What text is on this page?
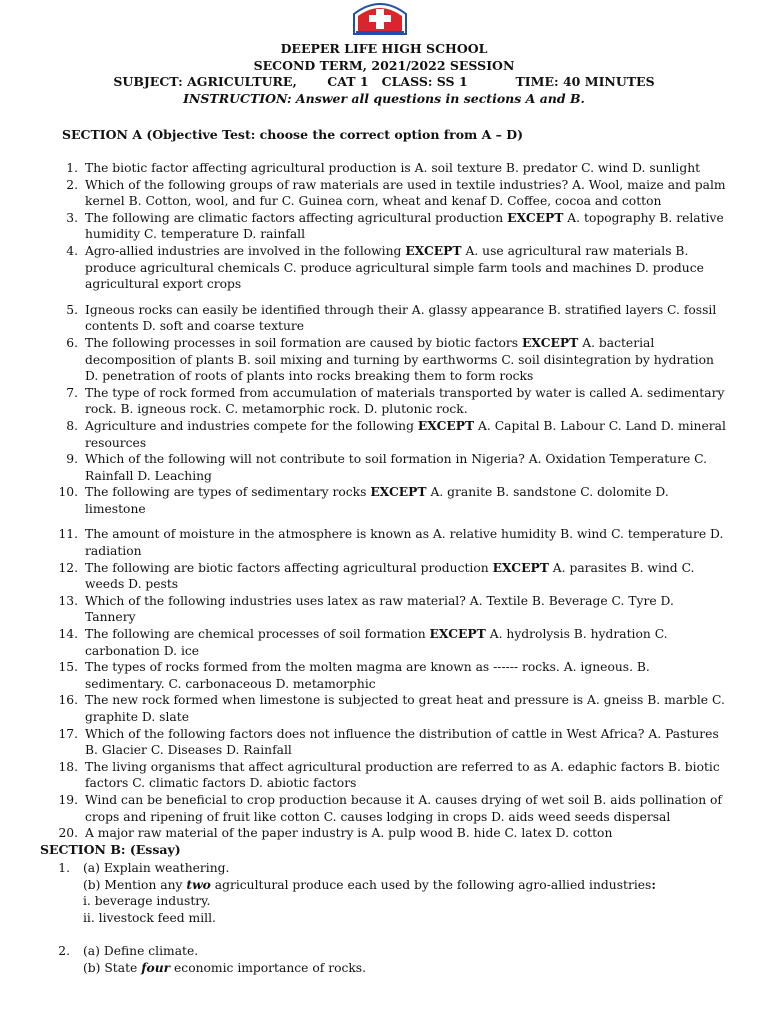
DEEPER LIFE HIGH SCHOOL
SECOND TERM, 2021/2022 SESSION
SUBJECT: AGRICULTURE,       CAT 1   CLASS: SS 1           TIME: 40 MINUTES
INSTRUCTION: Answer all questions in sections A and B.
SECTION A (Objective Test: choose the correct option from A – D)
1. The biotic factor affecting agricultural production is A. soil texture B. predator C. wind D. sunlight
2. Which of the following groups of raw materials are used in textile industries? A. Wool, maize and palm kernel B. Cotton, wool, and fur C. Guinea corn, wheat and kenaf D. Coffee, cocoa and cotton
3. The following are climatic factors affecting agricultural production EXCEPT A. topography B. relative humidity C. temperature D. rainfall
4. Agro-allied industries are involved in the following EXCEPT A. use agricultural raw materials B. produce agricultural chemicals C. produce agricultural simple farm tools and machines D. produce agricultural export crops
5. Igneous rocks can easily be identified through their A. glassy appearance B. stratified layers C. fossil contents D. soft and coarse texture
6. The following processes in soil formation are caused by biotic factors EXCEPT A. bacterial decomposition of plants B. soil mixing and turning by earthworms C. soil disintegration by hydration D. penetration of roots of plants into rocks breaking them to form rocks
7. The type of rock formed from accumulation of materials transported by water is called A. sedimentary rock. B. igneous rock. C. metamorphic rock. D. plutonic rock.
8. Agriculture and industries compete for the following EXCEPT A. Capital B. Labour C. Land D. mineral resources
9. Which of the following will not contribute to soil formation in Nigeria? A. Oxidation Temperature C. Rainfall D. Leaching
10. The following are types of sedimentary rocks EXCEPT A. granite B. sandstone C. dolomite D. limestone
11. The amount of moisture in the atmosphere is known as A. relative humidity B. wind C. temperature D. radiation
12. The following are biotic factors affecting agricultural production EXCEPT A. parasites B. wind C. weeds D. pests
13. Which of the following industries uses latex as raw material? A. Textile B. Beverage C. Tyre D. Tannery
14. The following are chemical processes of soil formation EXCEPT A. hydrolysis B. hydration C. carbonation D. ice
15. The types of rocks formed from the molten magma are known as ------ rocks. A. igneous. B. sedimentary. C. carbonaceous D. metamorphic
16. The new rock formed when limestone is subjected to great heat and pressure is A. gneiss B. marble C. graphite D. slate
17. Which of the following factors does not influence the distribution of cattle in West Africa? A. Pastures B. Glacier C. Diseases D. Rainfall
18. The living organisms that affect agricultural production are referred to as A. edaphic factors B. biotic factors C. climatic factors D. abiotic factors
19. Wind can be beneficial to crop production because it A. causes drying of wet soil B. aids pollination of crops and ripening of fruit like cotton C. causes lodging in crops D. aids weed seeds dispersal
20. A major raw material of the paper industry is A. pulp wood B. hide C. latex D. cotton
SECTION B: (Essay)
1. (a) Explain weathering.
(b) Mention any two agricultural produce each used by the following agro-allied industries:
i. beverage industry.
ii. livestock feed mill.
2. (a) Define climate.
(b) State four economic importance of rocks.
